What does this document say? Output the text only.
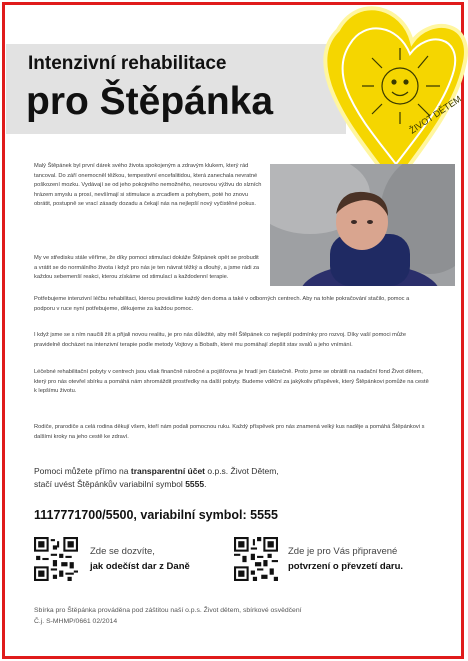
Intenzivní rehabilitace
pro Štěpánka	ŽIVOT DĚTEM
Malý Štěpánek byl první dárek svého života spokojeným a zdravým klukem, který rád tancoval. Do září onemocněl těžkou, tempestivní encefalitidou, která zanechala nevratné poškození mozku. Vydávají se od jeho pokojného nemožného, neurovou výživu do slzních hrázem smyslu a prosí, nevšímají si stimulace a zrcadlem a pohybem, poté ho znovu obrátit, postupně se vrací zásady dozadu a čekají nás na nejlepší nový vyčistěné pokus.
My ve středisku stále věříme, že díky pomoci stimulaci dokáže Štěpánek opět se probudit a vrátit se do normálního života i když pro nás je ten návrat těžký a dlouhý, a jsme rádi za každou sebemenší reakci, kterou získáme od stimulací a každodenní terapie.
Potřebujeme intenzivní léčbu rehabilitaci, kterou provádíme každý den doma a také v odborných centrech. Aby na tohle pokračování stačilo, pomoc a podporu v ruce nyní potřebujeme, děkujeme za každou pomoc.
I když jsme se s ním naučili žít a přijali novou realitu, je pro nás důležité, aby měl Štěpánek co nejlepší podmínky pro rozvoj. Díky vaší pomoci může pravidelně docházet na intenzivní terapie podle metody Vojtovy a Bobath, které mu pomáhají zlepšit stav svalů a jeho vnímání.
Léčebné rehabilitační pobyty v centrech jsou však finančně náročné a pojišťovna je hradí jen částečně. Proto jsme se obrátili na nadační fond Život dětem, který pro nás otevřel sbírku a pomáhá nám shromáždit prostředky na další pobyty. Budeme vděční za jakýkoliv příspěvek, který Štěpánkovi pomůže na cestě k lepšímu životu.
Rodiče, prarodiče a celá rodina děkují všem, kteří nám podali pomocnou ruku. Každý příspěvek pro nás znamená velký kus naděje a pomáhá Štěpánkovi s dalšími kroky na jeho cestě ke zdraví.
Pomoci můžete přímo na transparentní účet o.p.s. Život Dětem,
stačí uvést Štěpánkův variabilní symbol 5555.
1117771700/5500, variabilní symbol: 5555
Zde se dozvíte,
jak odečíst dar z Daně
Zde je pro Vás připravené
potvrzení o převzetí daru.
Sbírka pro Štěpánka prováděna pod záštitou naší o.p.s. Život dětem, sbírkové osvědčení
Č.j. S-MHMP/0661 02/2014
